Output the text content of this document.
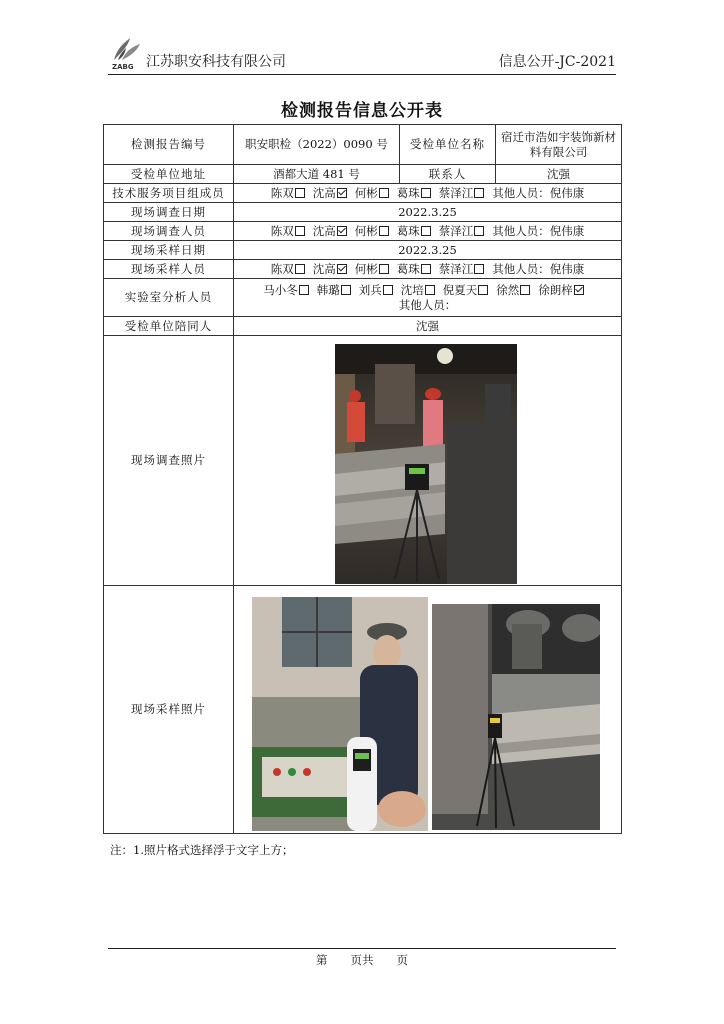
ZABG 江苏职安科技有限公司	信息公开-JC-2021
检测报告信息公开表
检测报告编号	职安职检（2022）0090 号	受检单位名称	宿迁市浩如宇装饰新材料有限公司
受检单位地址	酒都大道 481 号	联系人	沈强
技术服务项目组成员	陈双 沈高 何彬 葛珠 蔡泽江 其他人员：倪伟康		
现场调查日期	2022.3.25		
现场调查人员	陈双 沈高 何彬 葛珠 蔡泽江 其他人员：倪伟康		
现场采样日期	2022.3.25		
现场采样人员	陈双 沈高 何彬 葛珠 蔡泽江 其他人员：倪伟康		
实验室分析人员	马小冬 韩璐 刘兵 沈培 倪夏天 徐然 徐朗梓
其他人员：		
受检单位陪同人	沈强		
现场调查照片			
现场采样照片			
注：1.照片格式选择浮于文字上方；
第　　页共　　页
